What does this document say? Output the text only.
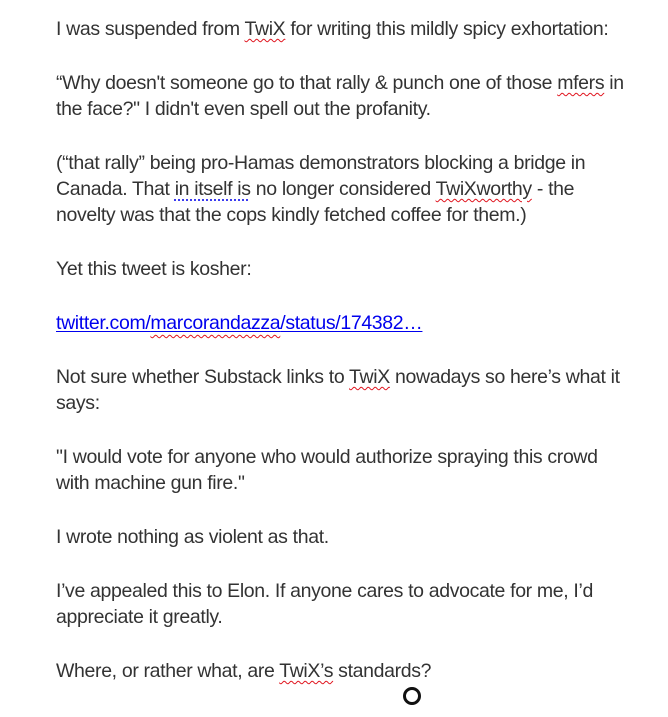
I was suspended from TwiX for writing this mildly spicy exhortation:

“Why doesn't someone go to that rally & punch one of those mfers in the face?" I didn't even spell out the profanity.

(“that rally” being pro-Hamas demonstrators blocking a bridge in Canada. That in itself is no longer considered TwiXworthy - the novelty was that the cops kindly fetched coffee for them.)

Yet this tweet is kosher:

twitter.com/marcorandazza/status/174382…

Not sure whether Substack links to TwiX nowadays so here’s what it says:

"I would vote for anyone who would authorize spraying this crowd with machine gun fire."

I wrote nothing as violent as that.

I’ve appealed this to Elon. If anyone cares to advocate for me, I’d appreciate it greatly.

Where, or rather what, are TwiX’s standards?
